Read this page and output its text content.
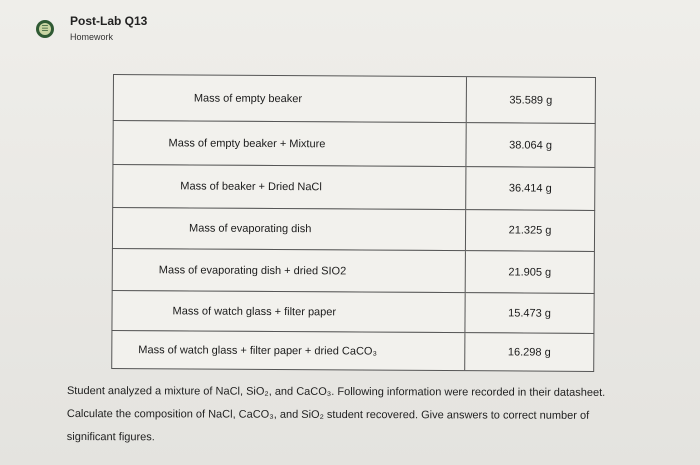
☰
Post-Lab Q13
Homework
Mass of empty beaker	35.589 g
Mass of empty beaker + Mixture	38.064 g
Mass of beaker + Dried NaCl	36.414 g
Mass of evaporating dish	21.325 g
Mass of evaporating dish + dried SIO2	21.905 g
Mass of watch glass + filter paper	15.473 g
Mass of watch glass + filter paper + dried CaCO₃	16.298 g

Student analyzed a mixture of NaCl, SiO₂, and CaCO₃. Following information were recorded in their datasheet.

Calculate the composition of NaCl, CaCO₃, and SiO₂ student recovered. Give answers to correct number of

significant figures.
